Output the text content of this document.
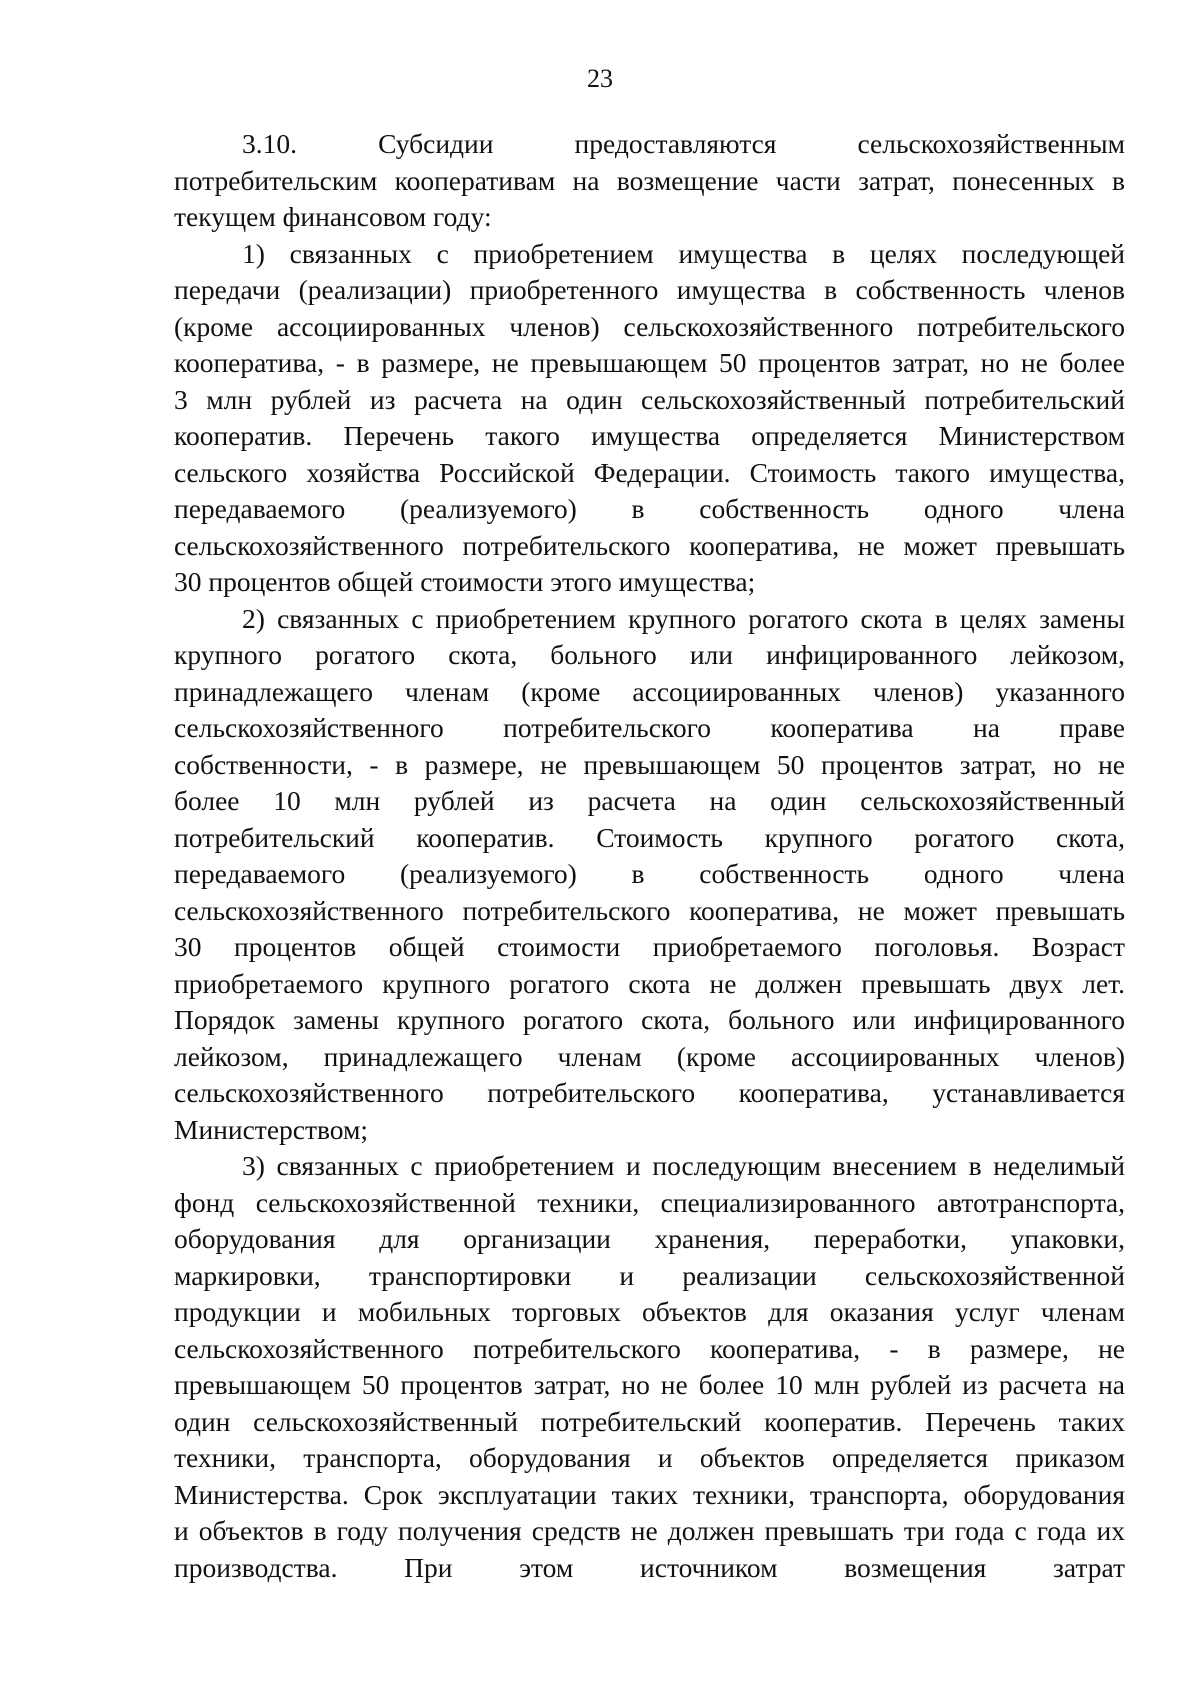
23

3.10. Субсидии предоставляются сельскохозяйственным
потребительским кооперативам на возмещение части затрат, понесенных в
текущем финансовом году:

1) связанных с приобретением имущества в целях последующей
передачи (реализации) приобретенного имущества в собственность членов
(кроме ассоциированных членов) сельскохозяйственного потребительского
кооператива, - в размере, не превышающем 50 процентов затрат, но не более
3 млн рублей из расчета на один сельскохозяйственный потребительский
кооператив. Перечень такого имущества определяется Министерством
сельского хозяйства Российской Федерации. Стоимость такого имущества,
передаваемого (реализуемого) в собственность одного члена
сельскохозяйственного потребительского кооператива, не может превышать
30 процентов общей стоимости этого имущества;

2) связанных с приобретением крупного рогатого скота в целях замены
крупного рогатого скота, больного или инфицированного лейкозом,
принадлежащего членам (кроме ассоциированных членов) указанного
сельскохозяйственного потребительского кооператива на праве
собственности, - в размере, не превышающем 50 процентов затрат, но не
более 10 млн рублей из расчета на один сельскохозяйственный
потребительский кооператив. Стоимость крупного рогатого скота,
передаваемого (реализуемого) в собственность одного члена
сельскохозяйственного потребительского кооператива, не может превышать
30 процентов общей стоимости приобретаемого поголовья. Возраст
приобретаемого крупного рогатого скота не должен превышать двух лет.
Порядок замены крупного рогатого скота, больного или инфицированного
лейкозом, принадлежащего членам (кроме ассоциированных членов)
сельскохозяйственного потребительского кооператива, устанавливается
Министерством;

3) связанных с приобретением и последующим внесением в неделимый
фонд сельскохозяйственной техники, специализированного автотранспорта,
оборудования для организации хранения, переработки, упаковки,
маркировки, транспортировки и реализации сельскохозяйственной
продукции и мобильных торговых объектов для оказания услуг членам
сельскохозяйственного потребительского кооператива, - в размере, не
превышающем 50 процентов затрат, но не более 10 млн рублей из расчета на
один сельскохозяйственный потребительский кооператив. Перечень таких
техники, транспорта, оборудования и объектов определяется приказом
Министерства. Срок эксплуатации таких техники, транспорта, оборудования
и объектов в году получения средств не должен превышать три года с года их
производства. При этом источником возмещения затрат
